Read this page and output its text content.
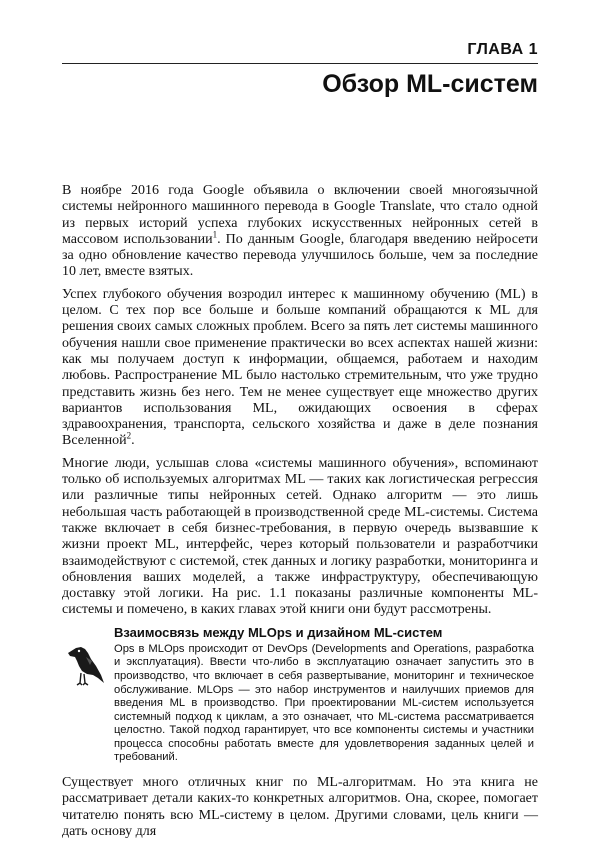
ГЛАВА 1
Обзор ML-систем

В ноябре 2016 года Google объявила о включении своей многоязычной системы нейронного машинного перевода в Google Translate, что стало одной из первых историй успеха глубоких искусственных нейронных сетей в массовом использовании$^1$. По данным Google, благодаря введению нейросети за одно обновление качество перевода улучшилось больше, чем за последние 10 лет, вместе взятых.

Успех глубокого обучения возродил интерес к машинному обучению (ML) в целом. С тех пор все больше и больше компаний обращаются к ML для решения своих самых сложных проблем. Всего за пять лет системы машинного обучения нашли свое применение практически во всех аспектах нашей жизни: как мы получаем доступ к информации, общаемся, работаем и находим любовь. Распространение ML было настолько стремительным, что уже трудно представить жизнь без него. Тем не менее существует еще множество других вариантов использования ML, ожидающих освоения в сферах здравоохранения, транспорта, сельского хозяйства и даже в деле познания Вселенной$^2$.

Многие люди, услышав слова «системы машинного обучения», вспоминают только об используемых алгоритмах ML — таких как логистическая регрессия или различные типы нейронных сетей. Однако алгоритм — это лишь небольшая часть работающей в производственной среде ML-системы. Система также включает в себя бизнес-требования, в первую очередь вызвавшие к жизни проект ML, интерфейс, через который пользователи и разработчики взаимодействуют с системой, стек данных и логику разработки, мониторинга и обновления ваших моделей, а также инфраструктуру, обеспечивающую доставку этой логики. На рис. 1.1 показаны различные компоненты ML-системы и помечено, в каких главах этой книги они будут рассмотрены.

Взаимосвязь между MLOps и дизайном ML-систем

Ops в MLOps происходит от DevOps (Developments and Operations, разработка и эксплуатация). Ввести что-либо в эксплуатацию означает запустить это в производство, что включает в себя развертывание, мониторинг и техническое обслуживание. MLOps — это набор инструментов и наилучших приемов для введения ML в производство. При проектировании ML-систем используется системный подход к циклам, а это означает, что ML-система рассматривается целостно. Такой подход гарантирует, что все компоненты системы и участники процесса способны работать вместе для удовлетворения заданных целей и требований.

Существует много отличных книг по ML-алгоритмам. Но эта книга не рассматривает детали каких-то конкретных алгоритмов. Она, скорее, помогает читателю понять всю ML-систему в целом. Другими словами, цель книги — дать основу для
